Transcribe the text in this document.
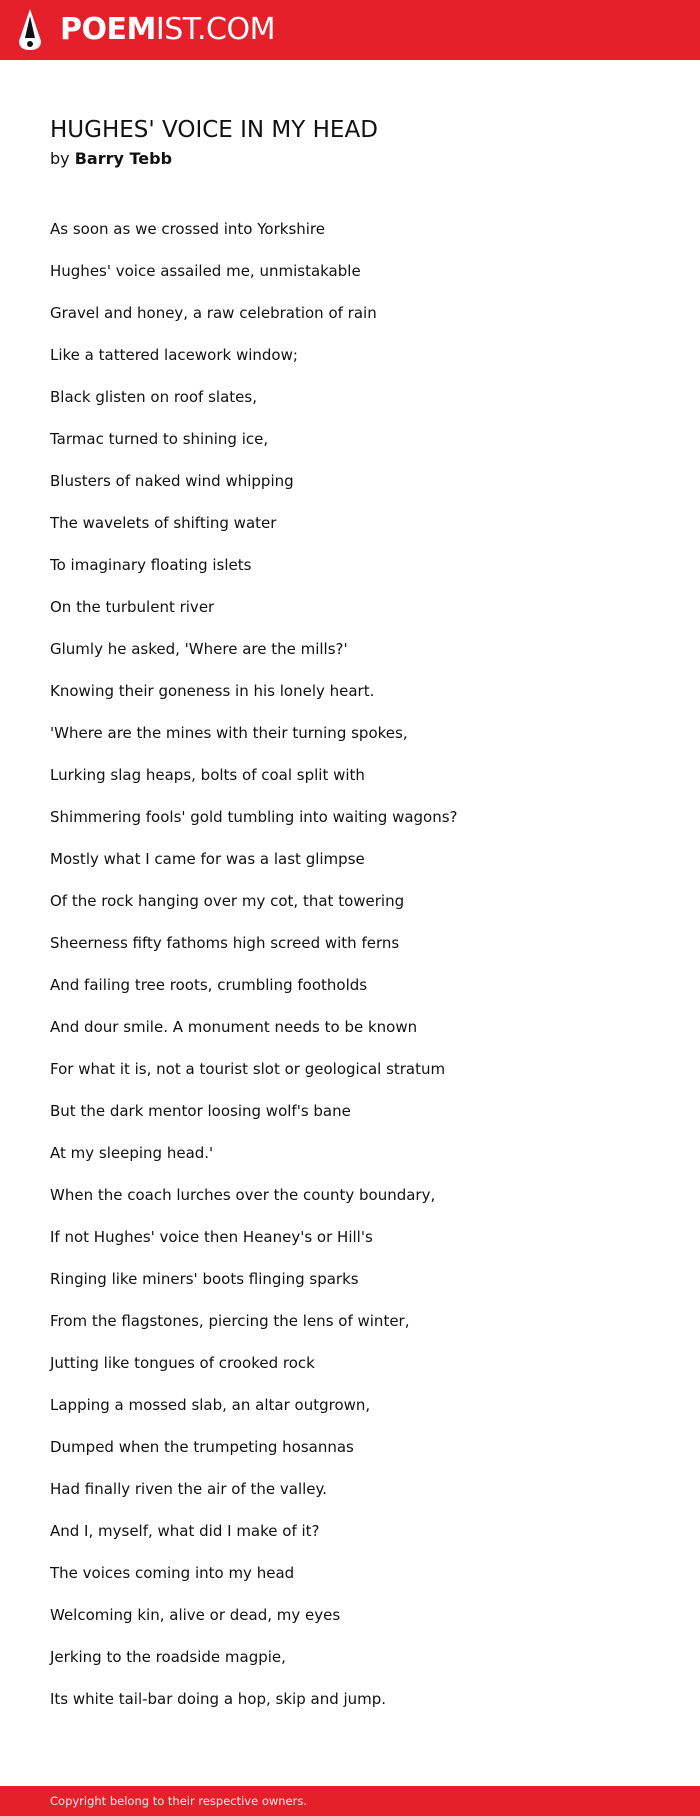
POEMIST.COM
HUGHES' VOICE IN MY HEAD
by Barry Tebb
As soon as we crossed into Yorkshire
Hughes' voice assailed me, unmistakable
Gravel and honey, a raw celebration of rain
Like a tattered lacework window;
Black glisten on roof slates,
Tarmac turned to shining ice,
Blusters of naked wind whipping
The wavelets of shifting water
To imaginary floating islets
On the turbulent river
Glumly he asked, 'Where are the mills?'
Knowing their goneness in his lonely heart.
'Where are the mines with their turning spokes,
Lurking slag heaps, bolts of coal split with
Shimmering fools' gold tumbling into waiting wagons?
Mostly what I came for was a last glimpse
Of the rock hanging over my cot, that towering
Sheerness fifty fathoms high screed with ferns
And failing tree roots, crumbling footholds
And dour smile. A monument needs to be known
For what it is, not a tourist slot or geological stratum
But the dark mentor loosing wolf's bane
At my sleeping head.'
When the coach lurches over the county boundary,
If not Hughes' voice then Heaney's or Hill's
Ringing like miners' boots flinging sparks
From the flagstones, piercing the lens of winter,
Jutting like tongues of crooked rock
Lapping a mossed slab, an altar outgrown,
Dumped when the trumpeting hosannas
Had finally riven the air of the valley.
And I, myself, what did I make of it?
The voices coming into my head
Welcoming kin, alive or dead, my eyes
Jerking to the roadside magpie,
Its white tail-bar doing a hop, skip and jump.
Copyright belong to their respective owners.
